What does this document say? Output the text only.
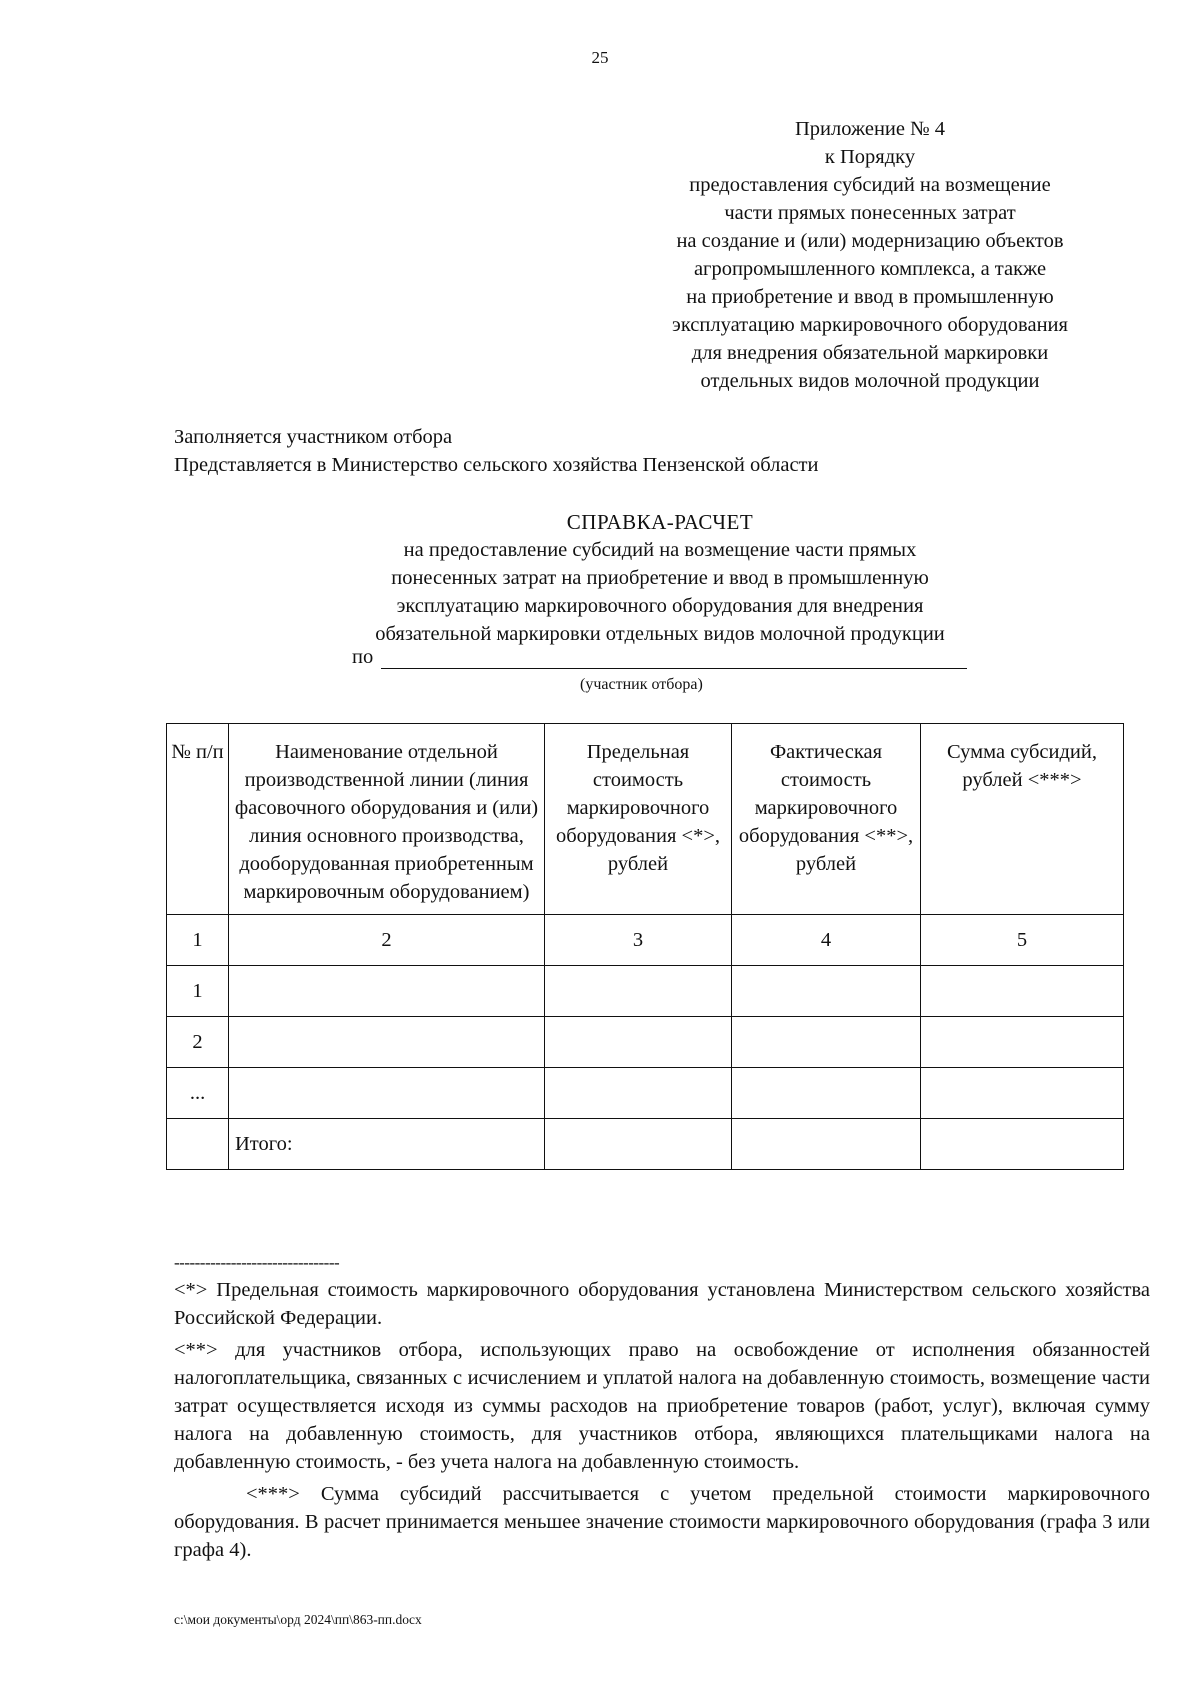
25
Приложение № 4
к Порядку
предоставления субсидий на возмещение
части прямых понесенных затрат
на создание и (или) модернизацию объектов
агропромышленного комплекса, а также
на приобретение и ввод в промышленную
эксплуатацию маркировочного оборудования
для внедрения обязательной маркировки
отдельных видов молочной продукции
Заполняется участником отбора
Представляется в Министерство сельского хозяйства Пензенской области
СПРАВКА-РАСЧЕТ
на предоставление субсидий на возмещение части прямых
понесенных затрат на приобретение и ввод в промышленную
эксплуатацию маркировочного оборудования для внедрения
обязательной маркировки отдельных видов молочной продукции
по
(участник отбора)
№ п/п	Наименование отдельной производственной линии (линия фасовочного оборудования и (или) линия основного производства, дооборудованная приобретенным маркировочным оборудованием)	Предельная стоимость маркировочного оборудования <*>, рублей	Фактическая стоимость маркировочного оборудования <**>, рублей	Сумма субсидий, рублей <***>
1	2	3	4	5
1				
2				
...				
	Итого:			
--------------------------------

<*> Предельная стоимость маркировочного оборудования установлена Министерством сельского хозяйства Российской Федерации.

<**> для участников отбора, использующих право на освобождение от исполнения обязанностей налогоплательщика, связанных с исчислением и уплатой налога на добавленную стоимость, возмещение части затрат осуществляется исходя из суммы расходов на приобретение товаров (работ, услуг), включая сумму налога на добавленную стоимость, для участников отбора, являющихся плательщиками налога на добавленную стоимость, - без учета налога на добавленную стоимость.

<***> Сумма субсидий рассчитывается с учетом предельной стоимости маркировочного оборудования. В расчет принимается меньшее значение стоимости маркировочного оборудования (графа 3 или графа 4).

c:\мои документы\орд 2024\пп\863-пп.docx
